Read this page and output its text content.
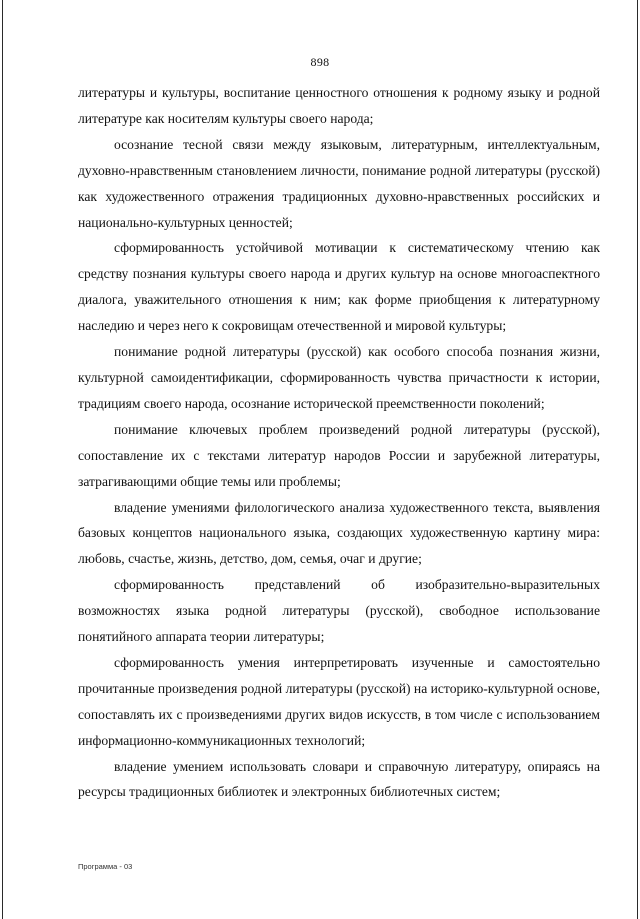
898

литературы и культуры, воспитание ценностного отношения к родному языку и родной литературе как носителям культуры своего народа;

осознание тесной связи между языковым, литературным, интеллектуальным, духовно-нравственным становлением личности, понимание родной литературы (русской) как художественного отражения традиционных духовно-нравственных российских и национально-культурных ценностей;

сформированность устойчивой мотивации к систематическому чтению как средству познания культуры своего народа и других культур на основе многоаспектного диалога, уважительного отношения к ним; как форме приобщения к литературному наследию и через него к сокровищам отечественной и мировой культуры;

понимание родной литературы (русской) как особого способа познания жизни, культурной самоидентификации, сформированность чувства причастности к истории, традициям своего народа, осознание исторической преемственности поколений;

понимание ключевых проблем произведений родной литературы (русской), сопоставление их с текстами литератур народов России и зарубежной литературы, затрагивающими общие темы или проблемы;

владение умениями филологического анализа художественного текста, выявления базовых концептов национального языка, создающих художественную картину мира: любовь, счастье, жизнь, детство, дом, семья, очаг и другие;

сформированность представлений об изобразительно-выразительных возможностях языка родной литературы (русской), свободное использование понятийного аппарата теории литературы;

сформированность умения интерпретировать изученные и самостоятельно прочитанные произведения родной литературы (русской) на историко-культурной основе, сопоставлять их с произведениями других видов искусств, в том числе с использованием информационно-коммуникационных технологий;

владение умением использовать словари и справочную литературу, опираясь на ресурсы традиционных библиотек и электронных библиотечных систем;

Программа - 03
